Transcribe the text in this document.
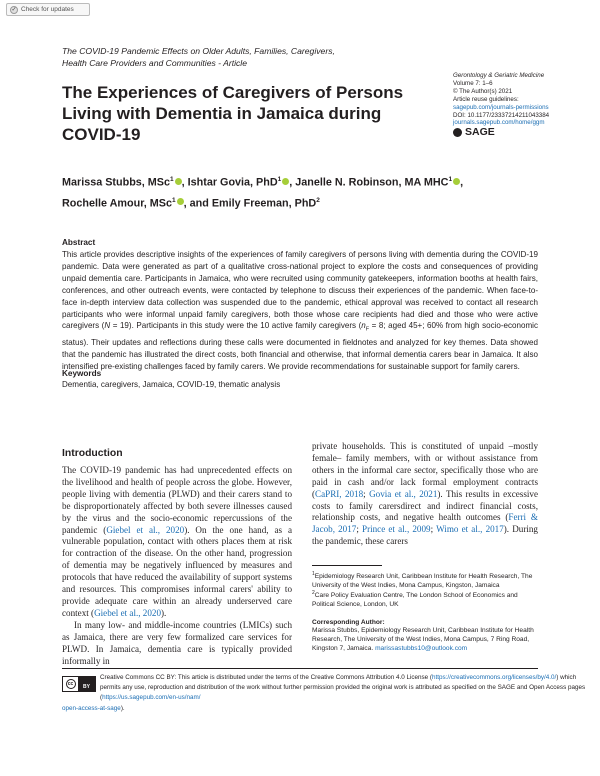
✓ Check for updates
The COVID-19 Pandemic Effects on Older Adults, Families, Caregivers,
Health Care Providers and Communities - Article
The Experiences of Caregivers of Persons Living with Dementia in Jamaica during COVID-19
Gerontology & Geriatric Medicine
Volume 7: 1–6
© The Author(s) 2021
Article reuse guidelines:
sagepub.com/journals-permissions
DOI: 10.1177/23337214211043384
journals.sagepub.com/home/ggm
SAGE
Marissa Stubbs, MSc$^1$ , Ishtar Govia, PhD$^1$ , Janelle N. Robinson, MA MHC$^1$ ,
Rochelle Amour, MSc$^1$ , and Emily Freeman, PhD$^2$
Abstract
This article provides descriptive insights of the experiences of family caregivers of persons living with dementia during the COVID-19 pandemic. Data were generated as part of a qualitative cross-national project to explore the costs and consequences of providing unpaid dementia care. Participants in Jamaica, who were recruited using community gatekeepers, information booths at health fairs, conferences, and other outreach events, were contacted by telephone to discuss their experiences of the pandemic. When face-to-face in-depth interview data collection was suspended due to the pandemic, ethical approval was received to contact all research participants who were informal unpaid family caregivers, both those whose care recipients had died and those who were active caregivers (N = 19). Participants in this study were the 10 active family caregivers ($n_F = 8$; aged 45+; 60% from high socio-economic status). Their updates and reflections during these calls were documented in fieldnotes and analyzed for key themes. Data showed that the pandemic has illustrated the direct costs, both financial and otherwise, that informal dementia carers bear in Jamaica. It also intensified pre-existing challenges faced by family carers. We provide recommendations for sustainable support for family carers.
Keywords
Dementia, caregivers, Jamaica, COVID-19, thematic analysis
Introduction

The COVID-19 pandemic has had unprecedented effects on the livelihood and health of people across the globe. However, people living with dementia (PLWD) and their carers stand to be disproportionately affected by both severe illnesses caused by the virus and the socio-economic repercussions of the pandemic (Giebel et al., 2020). On the one hand, as a vulnerable population, contact with others places them at risk for contraction of the disease. On the other hand, progression of dementia may be negatively influenced by measures and protocols that have reduced the availability of support systems and resources. This compromises informal carers' ability to provide adequate care within an already underserved care context (Giebel et al., 2020).

In many low- and middle-income countries (LMICs) such as Jamaica, there are very few formalized care services for PLWD. In Jamaica, dementia care is typically provided informally in

private households. This is constituted of unpaid –mostly female– family members, with or without assistance from others in the informal care sector, specifically those who are paid in cash and/or lack formal employment contracts (CaPRI, 2018; Govia et al., 2021). This results in excessive costs to family carersdirect and indirect financial costs, relationship costs, and negative health outcomes (Ferri & Jacob, 2017; Prince et al., 2009; Wimo et al., 2017). During the pandemic, these carers

$^1$Epidemiology Research Unit, Caribbean Institute for Health Research, The University of the West Indies, Mona Campus, Kingston, Jamaica
$^2$Care Policy Evaluation Centre, The London School of Economics and Political Science, London, UK
Corresponding Author:
Marissa Stubbs, Epidemiology Research Unit, Caribbean Institute for Health Research, The University of the West Indies, Mona Campus, 7 Ring Road, Kingston 7, Jamaica. marissastubbs10@outlook.com
cc	BY
Creative Commons CC BY: This article is distributed under the terms of the Creative Commons Attribution 4.0 License (https://creativecommons.org/licenses/by/4.0/) which permits any use, reproduction and distribution of the work without further permission provided the original work is attributed as specified on the SAGE and Open Access pages (https://us.sagepub.com/en-us/nam/
open-access-at-sage).
